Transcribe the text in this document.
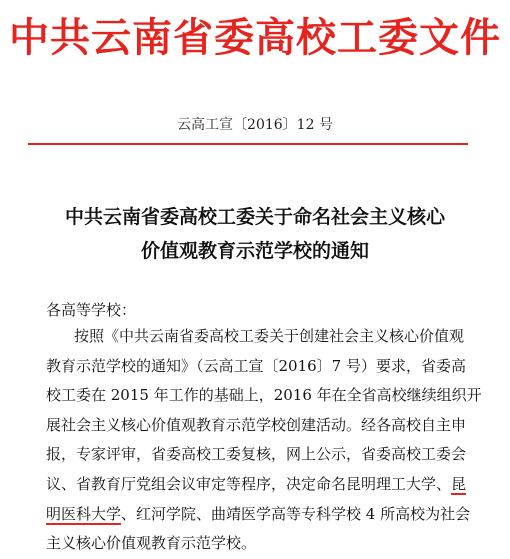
中共云南省委高校工委文件
云高工宣〔2016〕12 号
中共云南省委高校工委关于命名社会主义核心
价值观教育示范学校的通知
各高等学校：
按照《中共云南省委高校工委关于创建社会主义核心价值观
教育示范学校的通知》（云高工宣〔2016〕7 号）要求，省委高
校工委在 2015 年工作的基础上，2016 年在全省高校继续组织开
展社会主义核心价值观教育示范学校创建活动。经各高校自主申
报，专家评审，省委高校工委复核，网上公示，省委高校工委会
议、省教育厅党组会议审定等程序，决定命名昆明理工大学、昆
明医科大学、红河学院、曲靖医学高等专科学校 4 所高校为社会
主义核心价值观教育示范学校。
